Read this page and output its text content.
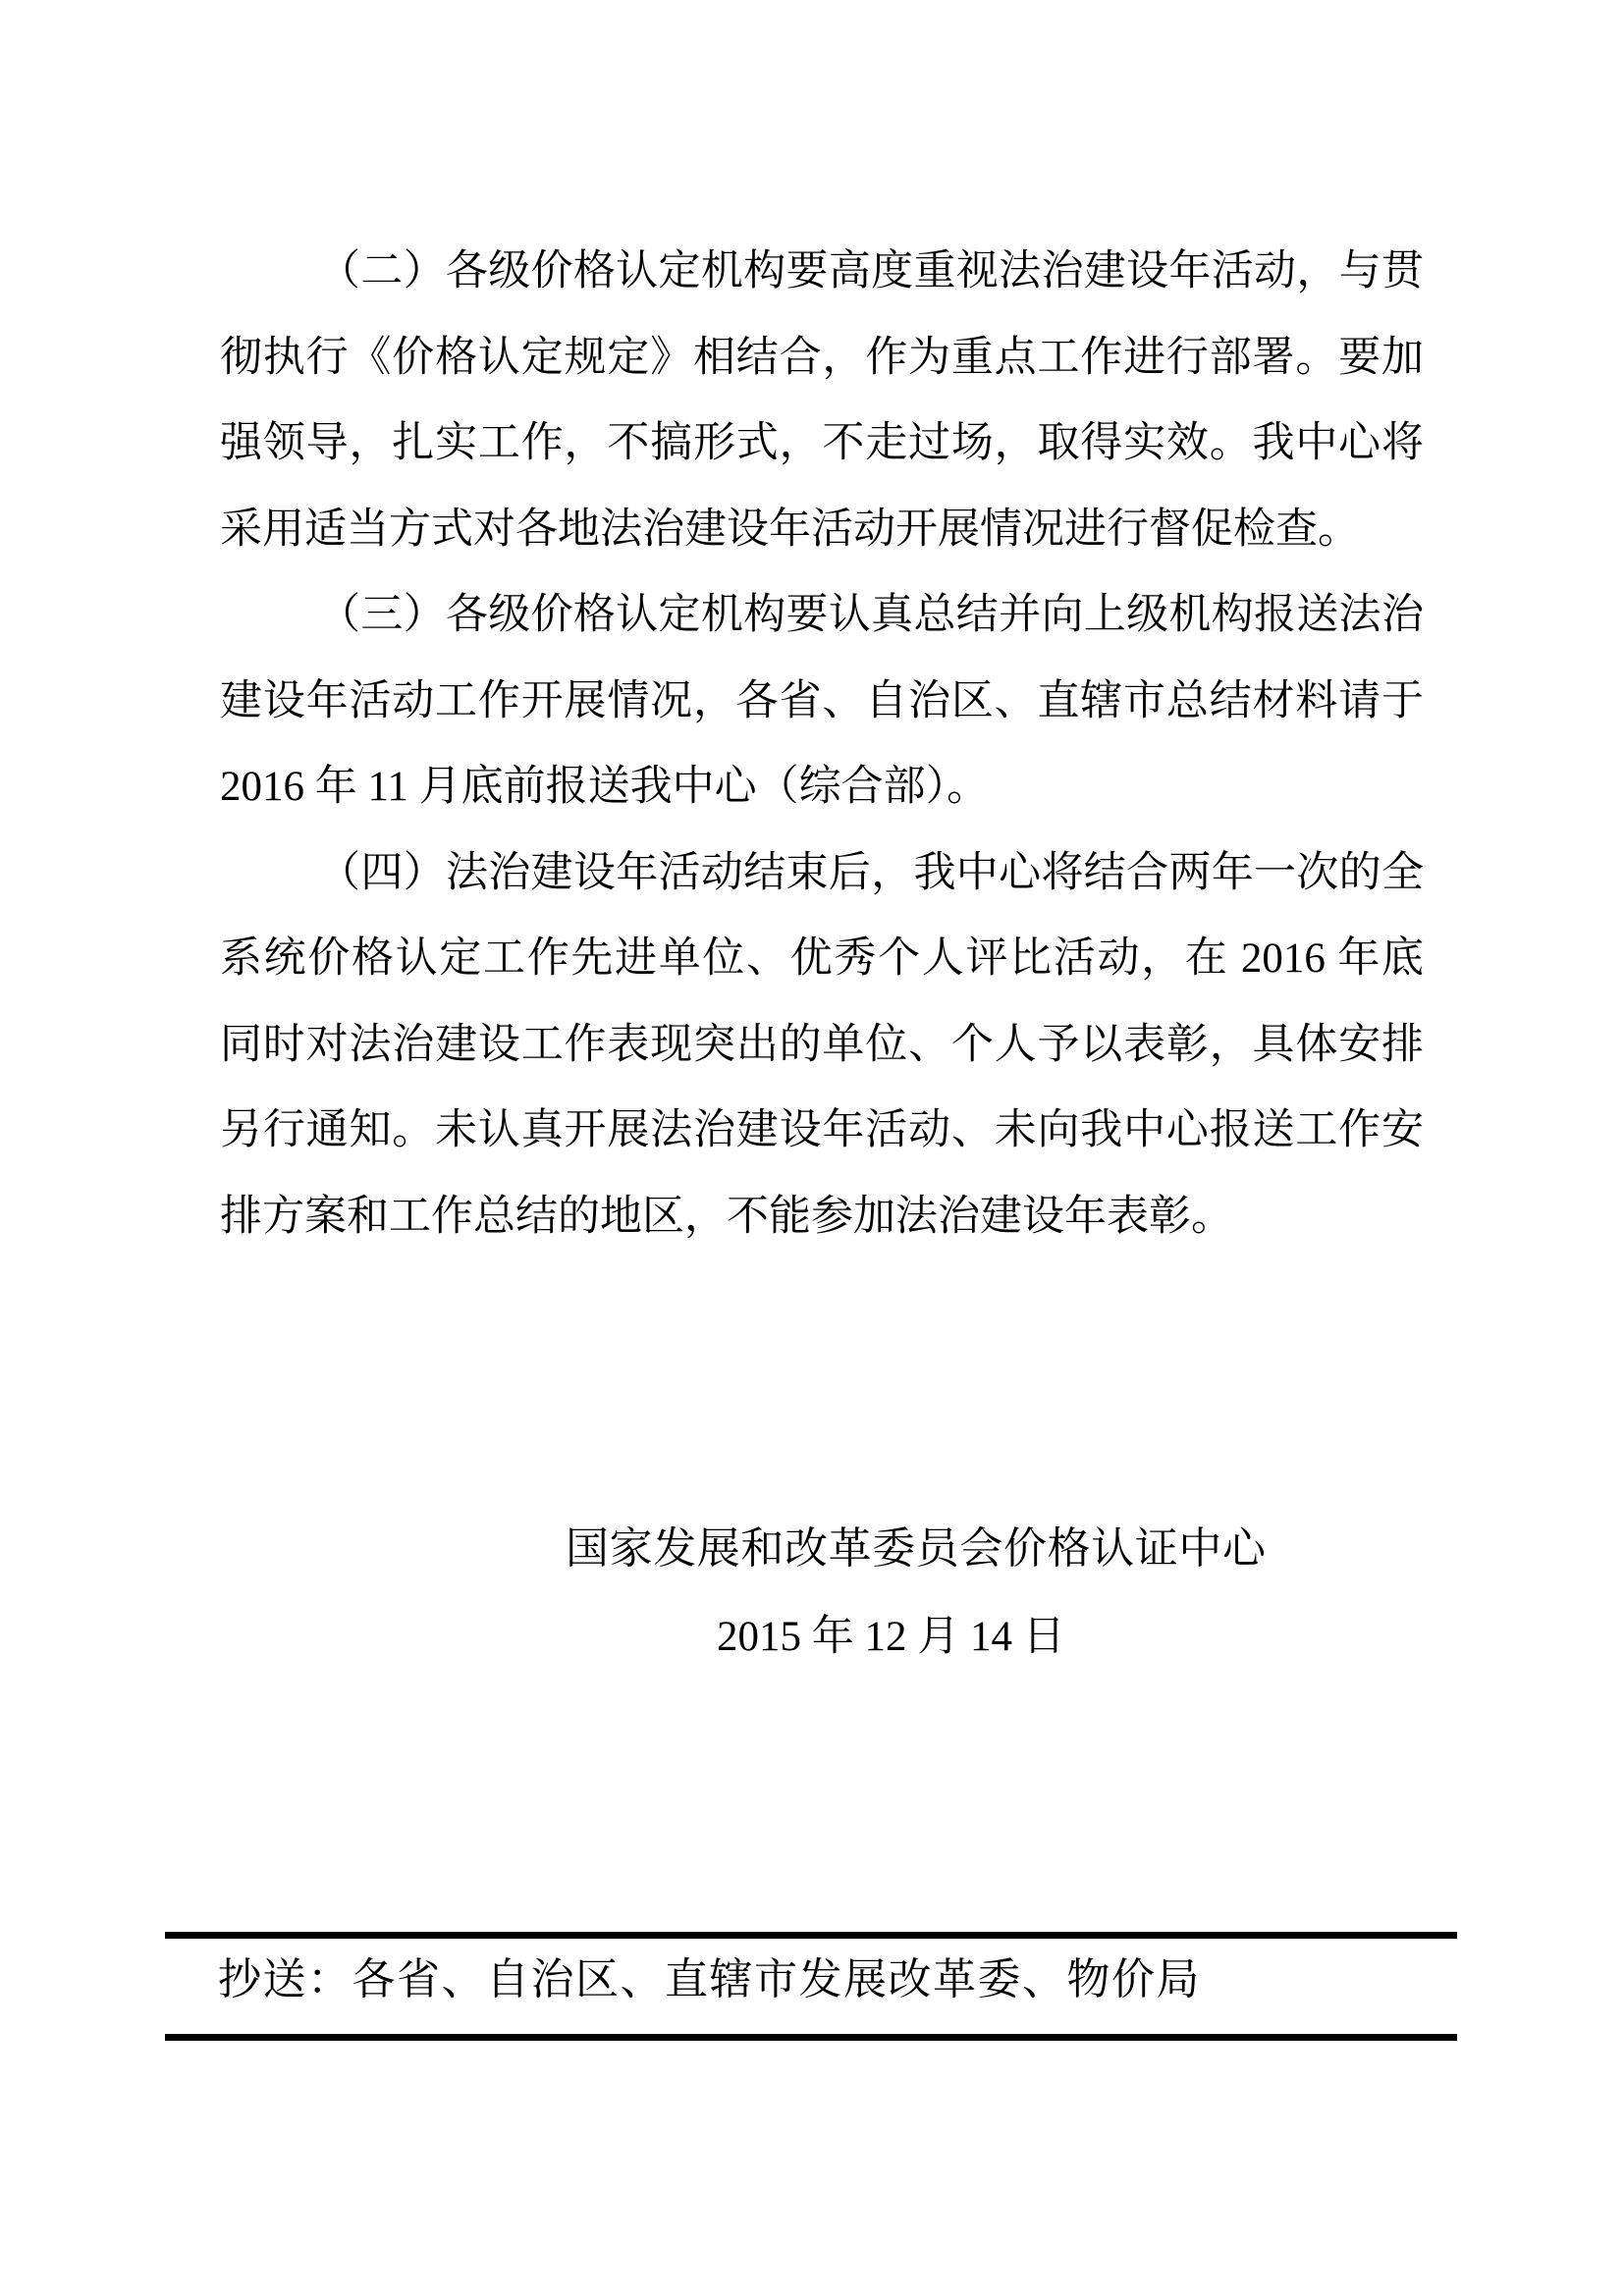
（二）各级价格认定机构要高度重视法治建设年活动，与贯
彻执行《价格认定规定》相结合，作为重点工作进行部署。要加
强领导，扎实工作，不搞形式，不走过场，取得实效。我中心将
采用适当方式对各地法治建设年活动开展情况进行督促检查。
（三）各级价格认定机构要认真总结并向上级机构报送法治
建设年活动工作开展情况，各省、自治区、直辖市总结材料请于
2016 年 11 月底前报送我中心（综合部）。
（四）法治建设年活动结束后，我中心将结合两年一次的全
系统价格认定工作先进单位、优秀个人评比活动，在 2016 年底
同时对法治建设工作表现突出的单位、个人予以表彰，具体安排
另行通知。未认真开展法治建设年活动、未向我中心报送工作安
排方案和工作总结的地区，不能参加法治建设年表彰。
国家发展和改革委员会价格认证中心
2015 年 12 月 14 日
抄送：各省、自治区、直辖市发展改革委、物价局
